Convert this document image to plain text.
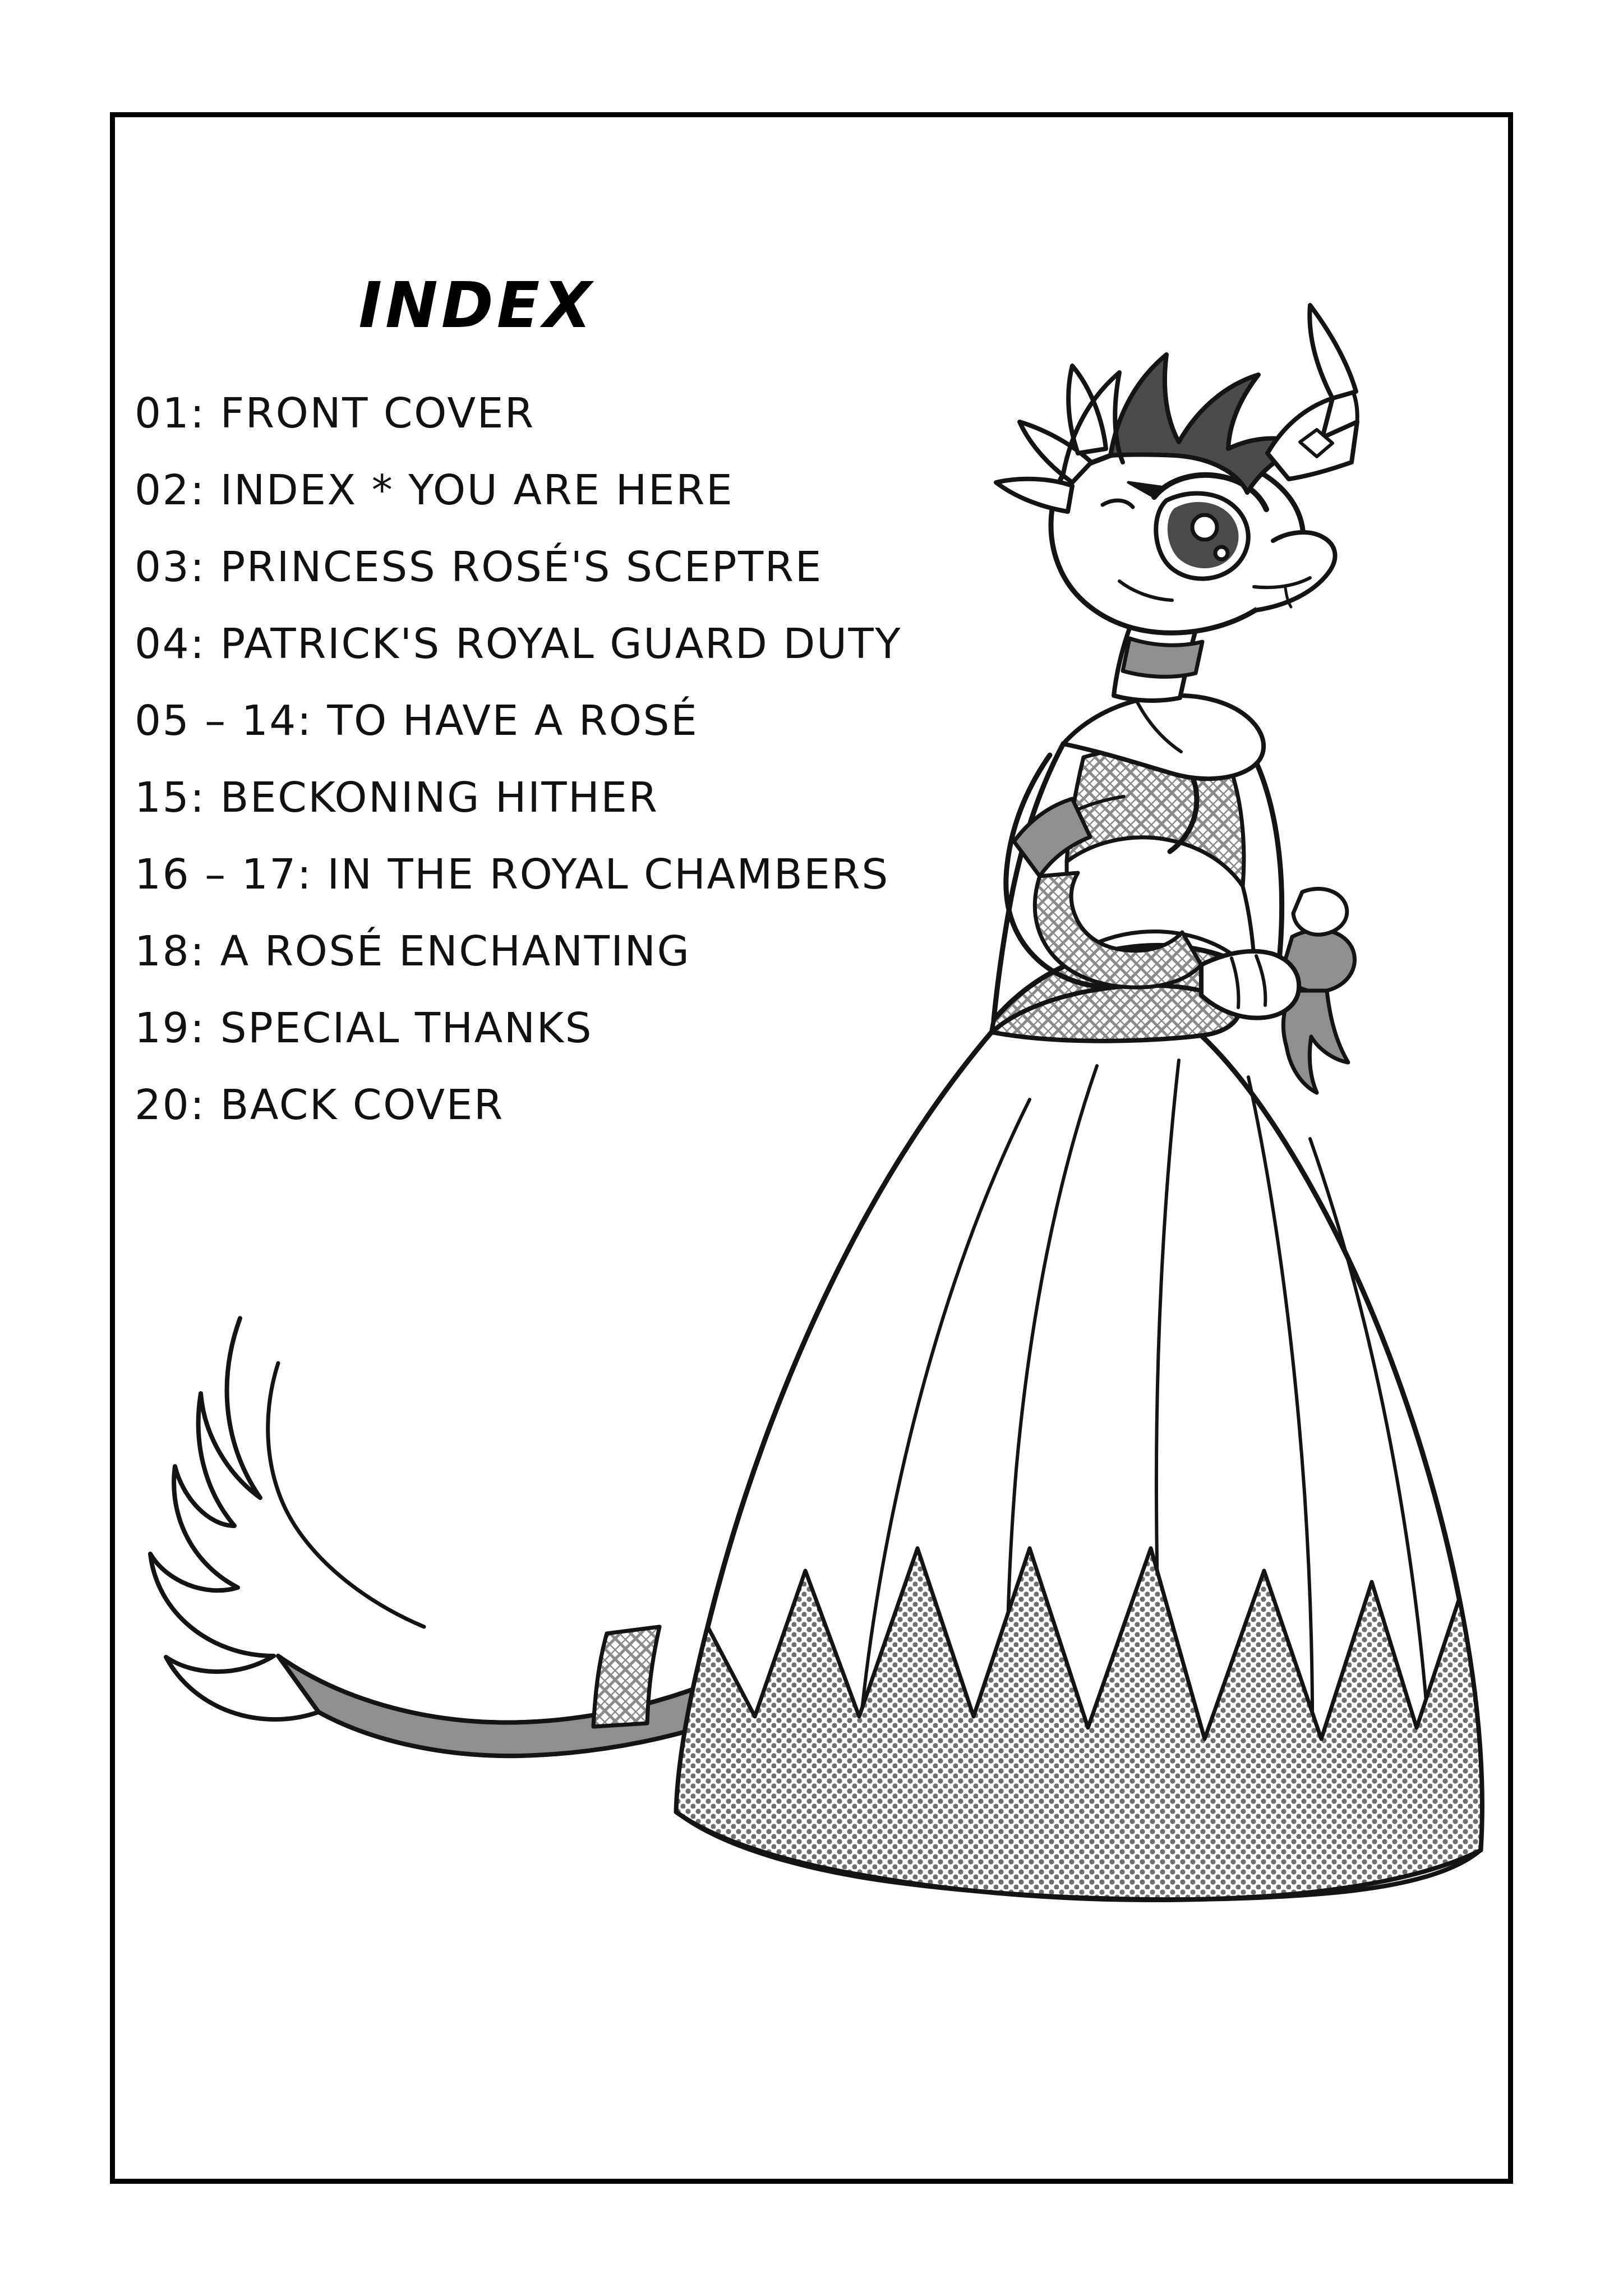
INDEX
01: FRONT COVER
02: INDEX * YOU ARE HERE
03: PRINCESS ROSÉ'S SCEPTRE
04: PATRICK'S ROYAL GUARD DUTY
05 – 14: TO HAVE A ROSÉ
15: BECKONING HITHER
16 – 17: IN THE ROYAL CHAMBERS
18: A ROSÉ ENCHANTING
19: SPECIAL THANKS
20: BACK COVER
